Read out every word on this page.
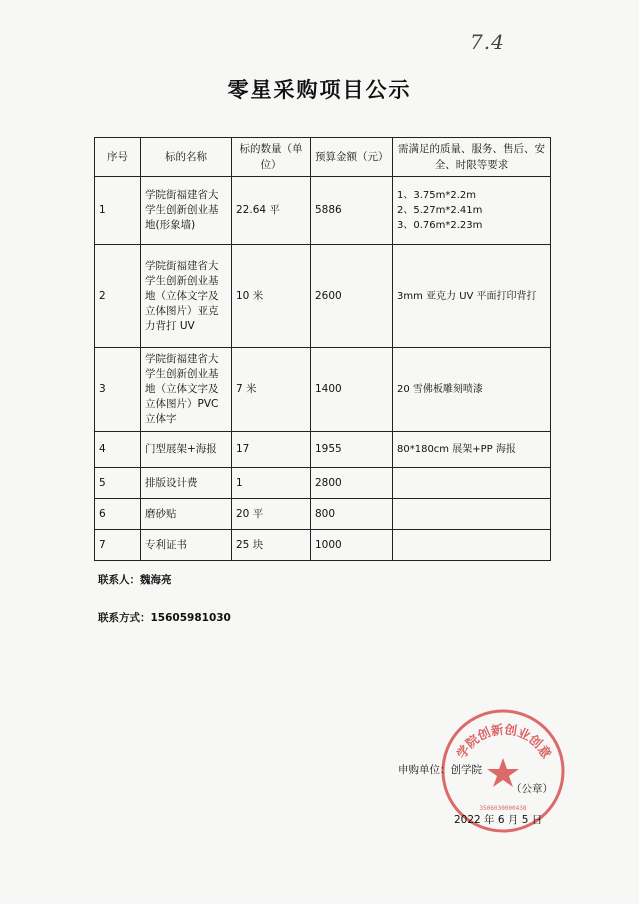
7.4
零星采购项目公示
序号	标的名称	标的数量（单位）	预算金额（元）	需满足的质量、服务、售后、安全、时限等要求
1	学院街福建省大学生创新创业基地(形象墙)	22.64 平	5886	1、3.75m*2.2m
2、5.27m*2.41m
3、0.76m*2.23m

2	学院街福建省大学生创新创业基地（立体文字及立体图片）亚克力背打 UV	10 米	2600	3mm 亚克力 UV 平面打印背打

3	学院街福建省大学生创新创业基地（立体文字及立体图片）PVC 立体字	7 米	1400	20 雪佛板雕刻喷漆

4	门型展架+海报	17	1955	80*180cm 展架+PP 海报

5	排版设计费	1	2800	
6	磨砂贴	20 平	800	
7	专利证书	25 块	1000	
联系人：魏海亮
联系方式：15605981030
学院创新创业创意
3506030000438
申购单位：创学院
（公章）
2022 年 6 月 5 日
